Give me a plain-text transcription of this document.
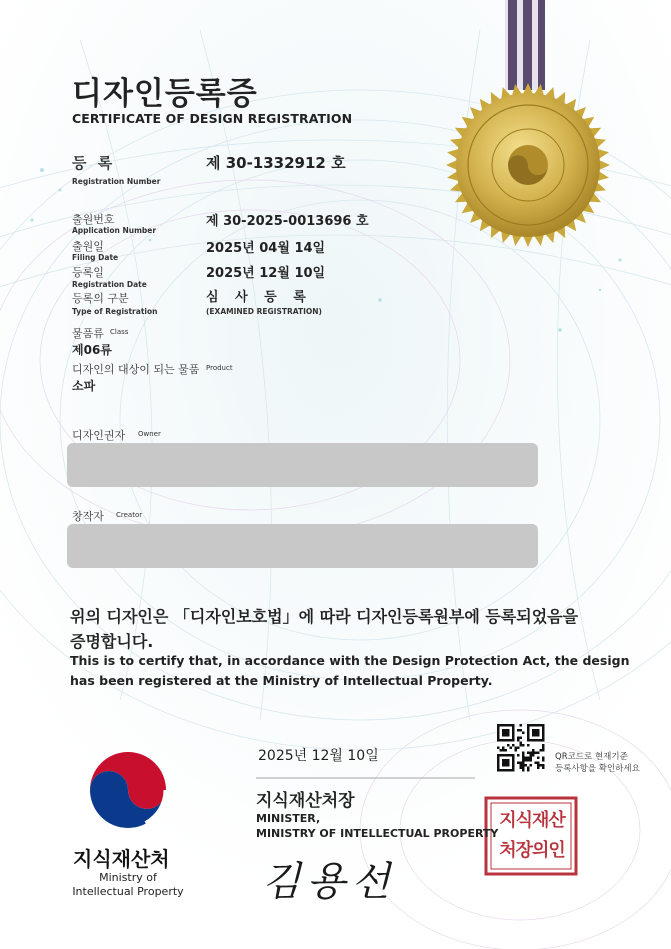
디자인등록증
CERTIFICATE OF DESIGN REGISTRATION
등 록
Registration Number
제 30-1332912 호
출원번호
Application Number
제 30-2025-0013696 호
출원일
Filing Date
2025년 04월 14일
등록일
Registration Date
2025년 12월 10일
등록의 구분
Type of Registration
심 사 등 록
(EXAMINED REGISTRATION)
물품류 Class
제06류
디자인의 대상이 되는 물품 Product
소파
디자인권자 Owner
창작자 Creator
위의 디자인은 「디자인보호법」에 따라 디자인등록원부에 등록되었음을
증명합니다.
This is to certify that, in accordance with the Design Protection Act, the design
has been registered at the Ministry of Intellectual Property.
지식재산처
Ministry of
Intellectual Property
2025년 12월 10일
지식재산처장
MINISTER,
MINISTRY OF INTELLECTUAL PROPERTY
QR코드로 현재기준
등록사항을 확인하세요
지식재산
처장의인
김용선
